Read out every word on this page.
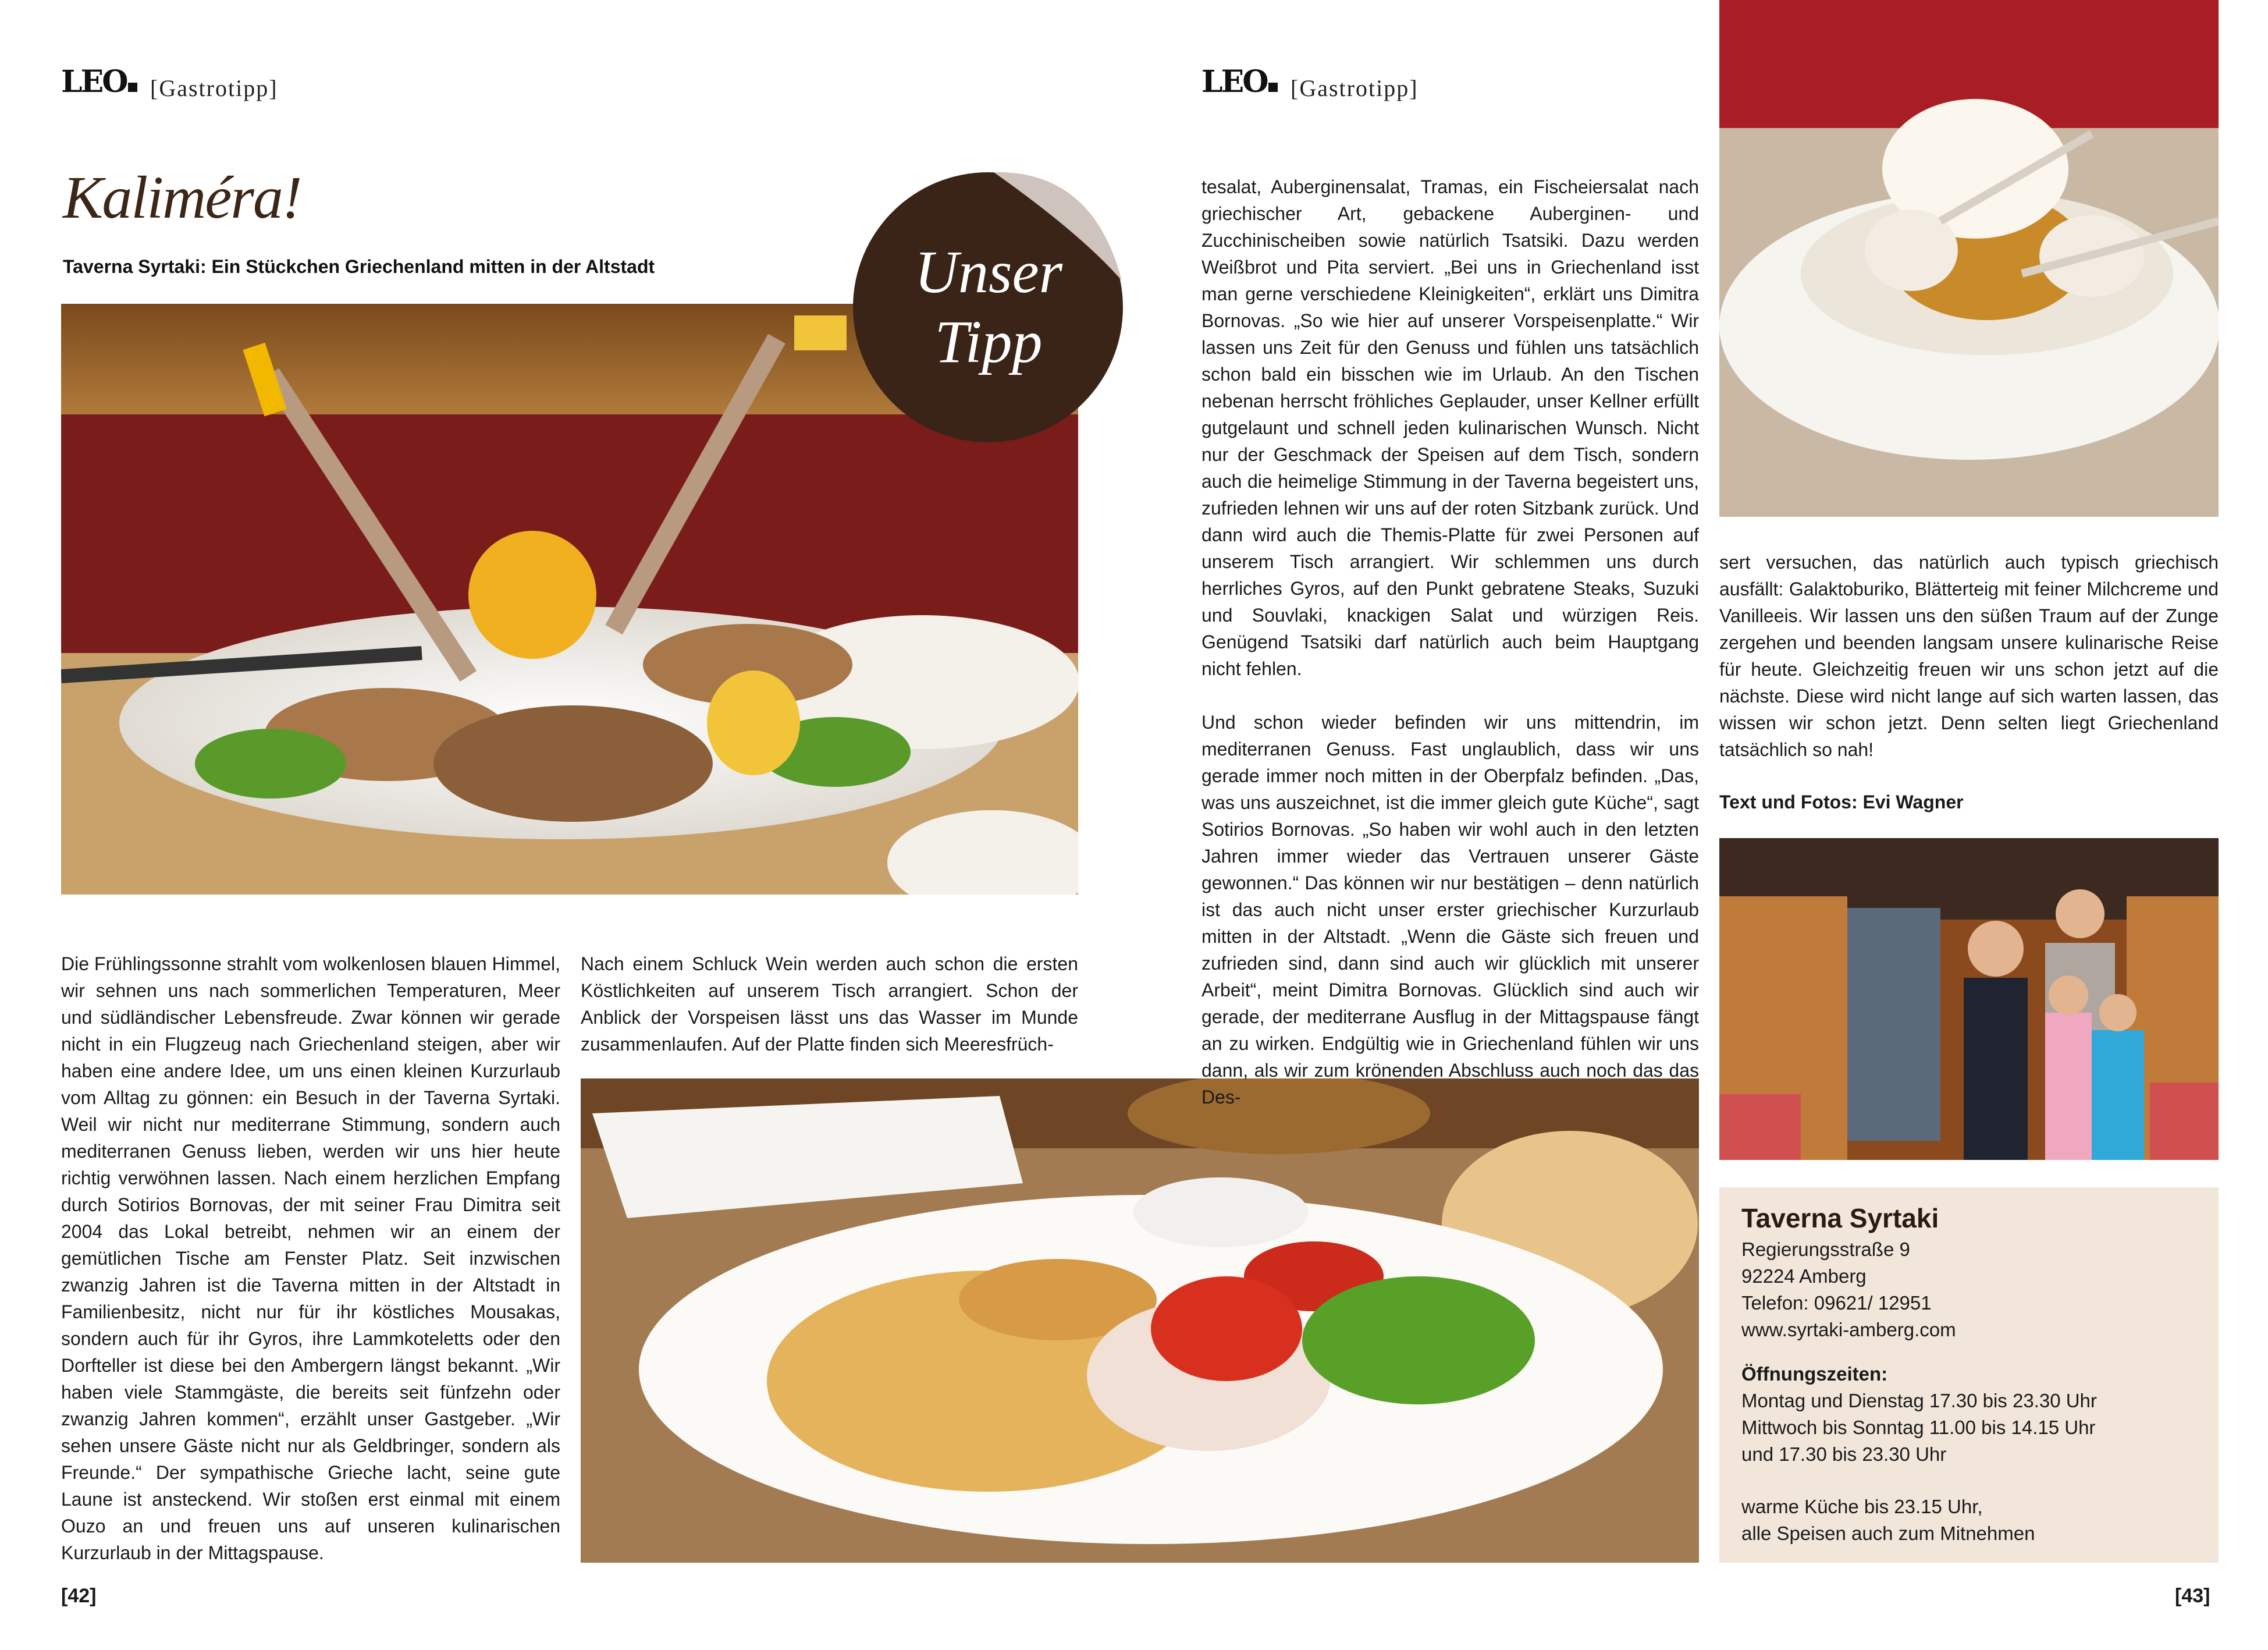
LEO	[Gastrotipp]
Kaliméra!
Taverna Syrtaki: Ein Stückchen Griechenland mitten in der Altstadt	Unser
Tipp

Die Frühlingssonne strahlt vom wolkenlosen blauen Himmel, wir sehnen uns nach sommerlichen Temperaturen, Meer und südländischer Lebensfreude. Zwar können wir gerade nicht in ein Flugzeug nach Griechenland steigen, aber wir haben eine andere Idee, um uns einen kleinen Kurzurlaub vom Alltag zu gönnen: ein Besuch in der Taverna Syrtaki. Weil wir nicht nur mediterrane Stimmung, sondern auch mediterranen Genuss lieben, werden wir uns hier heute richtig verwöhnen lassen. Nach einem herzlichen Empfang durch Sotirios Bornovas, der mit seiner Frau Dimitra seit 2004 das Lokal betreibt, nehmen wir an einem der gemütlichen Tische am Fenster Platz. Seit inzwischen zwanzig Jahren ist die Taverna mitten in der Altstadt in Familienbesitz, nicht nur für ihr köstliches Mousakas, sondern auch für ihr Gyros, ihre Lammkoteletts oder den Dorfteller ist diese bei den Ambergern längst bekannt. „Wir haben viele Stammgäste, die bereits seit fünfzehn oder zwanzig Jahren kommen“, erzählt unser Gastgeber. „Wir sehen unsere Gäste nicht nur als Geldbringer, sondern als Freunde.“ Der sympathische Grieche lacht, seine gute Laune ist ansteckend. Wir stoßen erst einmal mit einem Ouzo an und freuen uns auf unseren kulinarischen Kurzurlaub in der Mittagspause.

Nach einem Schluck Wein werden auch schon die ersten Köstlichkeiten auf unserem Tisch arrangiert. Schon der Anblick der Vorspeisen lässt uns das Wasser im Munde zusammenlaufen. Auf der Platte finden sich Meeresfrüch-

[42]
LEO	[Gastrotipp]

tesalat, Auberginensalat, Tramas, ein Fischeiersalat nach griechischer Art, gebackene Auberginen- und Zucchinischeiben sowie natürlich Tsatsiki. Dazu werden Weißbrot und Pita serviert. „Bei uns in Griechenland isst man gerne verschiedene Kleinigkeiten“, erklärt uns Dimitra Bornovas. „So wie hier auf unserer Vorspeisenplatte.“ Wir lassen uns Zeit für den Genuss und fühlen uns tatsächlich schon bald ein bisschen wie im Urlaub. An den Tischen nebenan herrscht fröhliches Geplauder, unser Kellner erfüllt gutgelaunt und schnell jeden kulinarischen Wunsch. Nicht nur der Geschmack der Speisen auf dem Tisch, sondern auch die heimelige Stimmung in der Taverna begeistert uns, zufrieden lehnen wir uns auf der roten Sitzbank zurück. Und dann wird auch die Themis-Platte für zwei Personen auf unserem Tisch arrangiert. Wir schlemmen uns durch herrliches Gyros, auf den Punkt gebratene Steaks, Suzuki und Souvlaki, knackigen Salat und würzigen Reis. Genügend Tsatsiki darf natürlich auch beim Hauptgang nicht fehlen.

Und schon wieder befinden wir uns mittendrin, im mediterranen Genuss. Fast unglaublich, dass wir uns gerade immer noch mitten in der Oberpfalz befinden. „Das, was uns auszeichnet, ist die immer gleich gute Küche“, sagt Sotirios Bornovas. „So haben wir wohl auch in den letzten Jahren immer wieder das Vertrauen unserer Gäste gewonnen.“ Das können wir nur bestätigen – denn natürlich ist das auch nicht unser erster griechischer Kurzurlaub mitten in der Altstadt. „Wenn die Gäste sich freuen und zufrieden sind, dann sind auch wir glücklich mit unserer Arbeit“, meint Dimitra Bornovas. Glücklich sind auch wir gerade, der mediterrane Ausflug in der Mittagspause fängt an zu wirken. Endgültig wie in Griechenland fühlen wir uns dann, als wir zum krönenden Abschluss auch noch das das Des-

sert versuchen, das natürlich auch typisch griechisch ausfällt: Galaktoburiko, Blätterteig mit feiner Milchcreme und Vanilleeis. Wir lassen uns den süßen Traum auf der Zunge zergehen und beenden langsam unsere kulinarische Reise für heute. Gleichzeitig freuen wir uns schon jetzt auf die nächste. Diese wird nicht lange auf sich warten lassen, das wissen wir schon jetzt. Denn selten liegt Griechenland tatsächlich so nah!

Text und Fotos: Evi Wagner
Taverna Syrtaki
Regierungsstraße 9
92224 Amberg
Telefon: 09621/ 12951
www.syrtaki-amberg.com
Öffnungszeiten:
Montag und Dienstag 17.30 bis 23.30 Uhr
Mittwoch bis Sonntag 11.00 bis 14.15 Uhr
und 17.30 bis 23.30 Uhr
warme Küche bis 23.15 Uhr,
alle Speisen auch zum Mitnehmen
[43]
